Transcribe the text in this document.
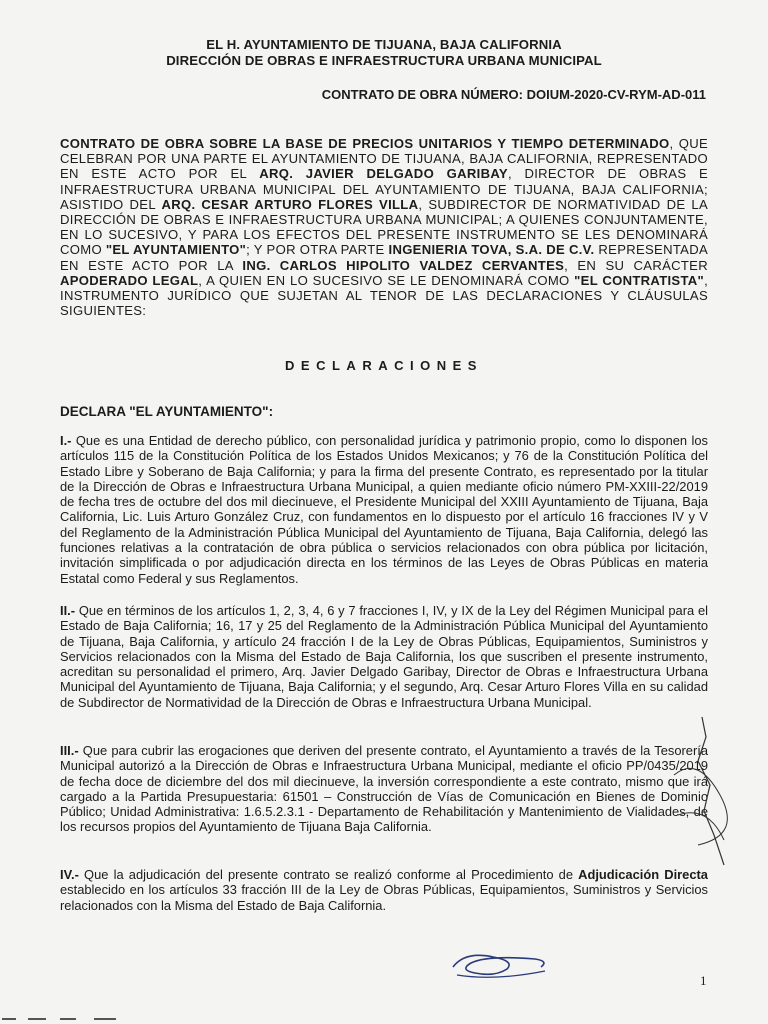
EL H. AYUNTAMIENTO DE TIJUANA, BAJA CALIFORNIA
DIRECCIÓN DE OBRAS E INFRAESTRUCTURA URBANA MUNICIPAL
CONTRATO DE OBRA NÚMERO: DOIUM-2020-CV-RYM-AD-011
CONTRATO DE OBRA SOBRE LA BASE DE PRECIOS UNITARIOS Y TIEMPO DETERMINADO, QUE CELEBRAN POR UNA PARTE EL AYUNTAMIENTO DE TIJUANA, BAJA CALIFORNIA, REPRESENTADO EN ESTE ACTO POR EL ARQ. JAVIER DELGADO GARIBAY, DIRECTOR DE OBRAS E INFRAESTRUCTURA URBANA MUNICIPAL DEL AYUNTAMIENTO DE TIJUANA, BAJA CALIFORNIA; ASISTIDO DEL ARQ. CESAR ARTURO FLORES VILLA, SUBDIRECTOR DE NORMATIVIDAD DE LA DIRECCIÓN DE OBRAS E INFRAESTRUCTURA URBANA MUNICIPAL; A QUIENES CONJUNTAMENTE, EN LO SUCESIVO, Y PARA LOS EFECTOS DEL PRESENTE INSTRUMENTO SE LES DENOMINARÁ COMO "EL AYUNTAMIENTO"; Y POR OTRA PARTE INGENIERIA TOVA, S.A. DE C.V. REPRESENTADA EN ESTE ACTO POR LA ING. CARLOS HIPOLITO VALDEZ CERVANTES, EN SU CARÁCTER APODERADO LEGAL, A QUIEN EN LO SUCESIVO SE LE DENOMINARÁ COMO "EL CONTRATISTA", INSTRUMENTO JURÍDICO QUE SUJETAN AL TENOR DE LAS DECLARACIONES Y CLÁUSULAS SIGUIENTES:
DECLARACIONES
DECLARA "EL AYUNTAMIENTO":
I.- Que es una Entidad de derecho público, con personalidad jurídica y patrimonio propio, como lo disponen los artículos 115 de la Constitución Política de los Estados Unidos Mexicanos; y 76 de la Constitución Política del Estado Libre y Soberano de Baja California; y para la firma del presente Contrato, es representado por la titular de la Dirección de Obras e Infraestructura Urbana Municipal, a quien mediante oficio número PM-XXIII-22/2019 de fecha tres de octubre del dos mil diecinueve, el Presidente Municipal del XXIII Ayuntamiento de Tijuana, Baja California, Lic. Luis Arturo González Cruz, con fundamentos en lo dispuesto por el artículo 16 fracciones IV y V del Reglamento de la Administración Pública Municipal del Ayuntamiento de Tijuana, Baja California, delegó las funciones relativas a la contratación de obra pública o servicios relacionados con obra pública por licitación, invitación simplificada o por adjudicación directa en los términos de las Leyes de Obras Públicas en materia Estatal como Federal y sus Reglamentos.
II.- Que en términos de los artículos 1, 2, 3, 4, 6 y 7 fracciones I, IV, y IX de la Ley del Régimen Municipal para el Estado de Baja California; 16, 17 y 25 del Reglamento de la Administración Pública Municipal del Ayuntamiento de Tijuana, Baja California, y artículo 24 fracción I de la Ley de Obras Públicas, Equipamientos, Suministros y Servicios relacionados con la Misma del Estado de Baja California, los que suscriben el presente instrumento, acreditan su personalidad el primero, Arq. Javier Delgado Garibay, Director de Obras e Infraestructura Urbana Municipal del Ayuntamiento de Tijuana, Baja California; y el segundo, Arq. Cesar Arturo Flores Villa en su calidad de Subdirector de Normatividad de la Dirección de Obras e Infraestructura Urbana Municipal.
III.- Que para cubrir las erogaciones que deriven del presente contrato, el Ayuntamiento a través de la Tesorería Municipal autorizó a la Dirección de Obras e Infraestructura Urbana Municipal, mediante el oficio PP/0435/2019 de fecha doce de diciembre del dos mil diecinueve, la inversión correspondiente a este contrato, mismo que irá cargado a la Partida Presupuestaria: 61501 – Construcción de Vías de Comunicación en Bienes de Dominio Público; Unidad Administrativa: 1.6.5.2.3.1 - Departamento de Rehabilitación y Mantenimiento de Vialidades, de los recursos propios del Ayuntamiento de Tijuana Baja California.
IV.- Que la adjudicación del presente contrato se realizó conforme al Procedimiento de Adjudicación Directa establecido en los artículos 33 fracción III de la Ley de Obras Públicas, Equipamientos, Suministros y Servicios relacionados con la Misma del Estado de Baja California.
1
